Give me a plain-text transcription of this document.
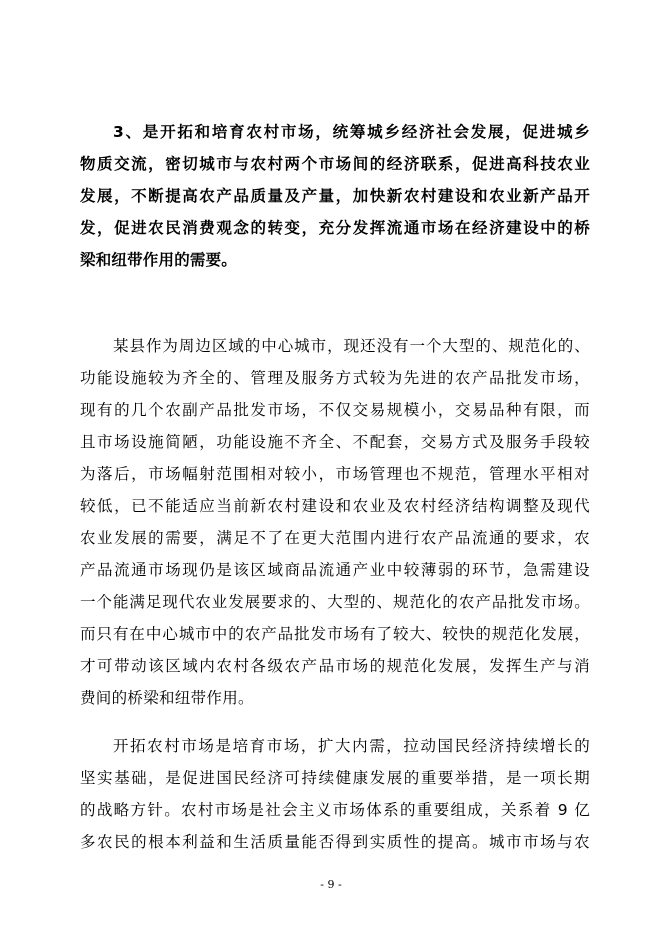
3、是开拓和培育农村市场，统筹城乡经济社会发展，促进城乡
物质交流，密切城市与农村两个市场间的经济联系，促进高科技农业
发展，不断提高农产品质量及产量，加快新农村建设和农业新产品开
发，促进农民消费观念的转变，充分发挥流通市场在经济建设中的桥
梁和纽带作用的需要。
某县作为周边区域的中心城市，现还没有一个大型的、规范化的、
功能设施较为齐全的、管理及服务方式较为先进的农产品批发市场，
现有的几个农副产品批发市场，不仅交易规模小，交易品种有限，而
且市场设施简陋，功能设施不齐全、不配套，交易方式及服务手段较
为落后，市场幅射范围相对较小，市场管理也不规范，管理水平相对
较低，已不能适应当前新农村建设和农业及农村经济结构调整及现代
农业发展的需要，满足不了在更大范围内进行农产品流通的要求，农
产品流通市场现仍是该区域商品流通产业中较薄弱的环节，急需建设
一个能满足现代农业发展要求的、大型的、规范化的农产品批发市场。
而只有在中心城市中的农产品批发市场有了较大、较快的规范化发展，
才可带动该区域内农村各级农产品市场的规范化发展，发挥生产与消
费间的桥梁和纽带作用。
开拓农村市场是培育市场，扩大内需，拉动国民经济持续增长的
坚实基础，是促进国民经济可持续健康发展的重要举措，是一项长期
的战略方针。农村市场是社会主义市场体系的重要组成，关系着 9 亿
多农民的根本利益和生活质量能否得到实质性的提高。城市市场与农
- 9 -
